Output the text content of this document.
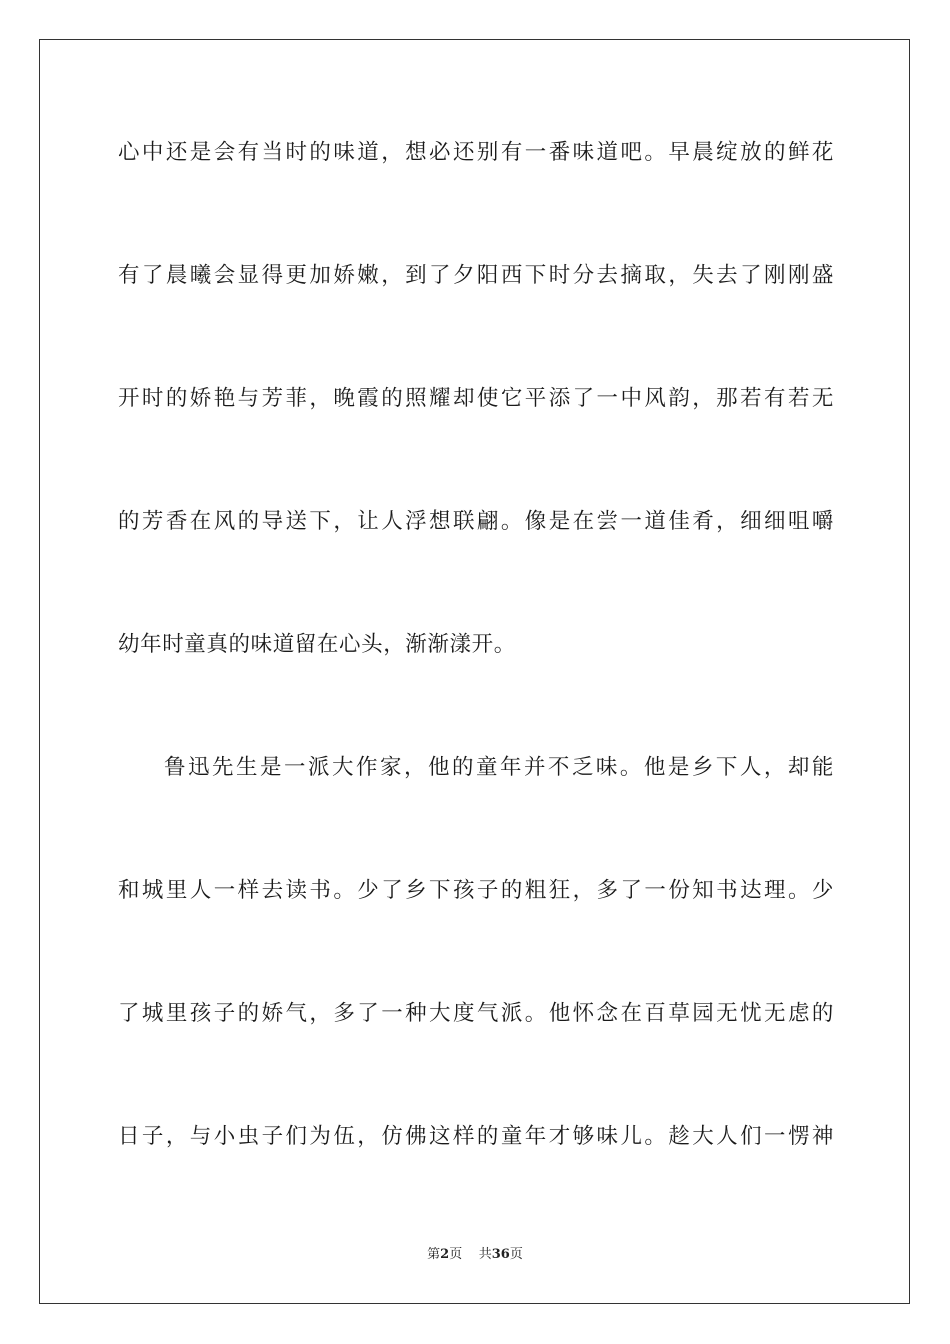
心中还是会有当时的味道，想必还别有一番味道吧。早晨绽放的鲜花
有了晨曦会显得更加娇嫩，到了夕阳西下时分去摘取，失去了刚刚盛
开时的娇艳与芳菲，晚霞的照耀却使它平添了一中风韵，那若有若无
的芳香在风的导送下，让人浮想联翩。像是在尝一道佳肴，细细咀嚼
幼年时童真的味道留在心头，渐渐漾开。
鲁迅先生是一派大作家，他的童年并不乏味。他是乡下人，却能
和城里人一样去读书。少了乡下孩子的粗狂，多了一份知书达理。少
了城里孩子的娇气，多了一种大度气派。他怀念在百草园无忧无虑的
日子，与小虫子们为伍，仿佛这样的童年才够味儿。趁大人们一愣神
第2页 共36页
